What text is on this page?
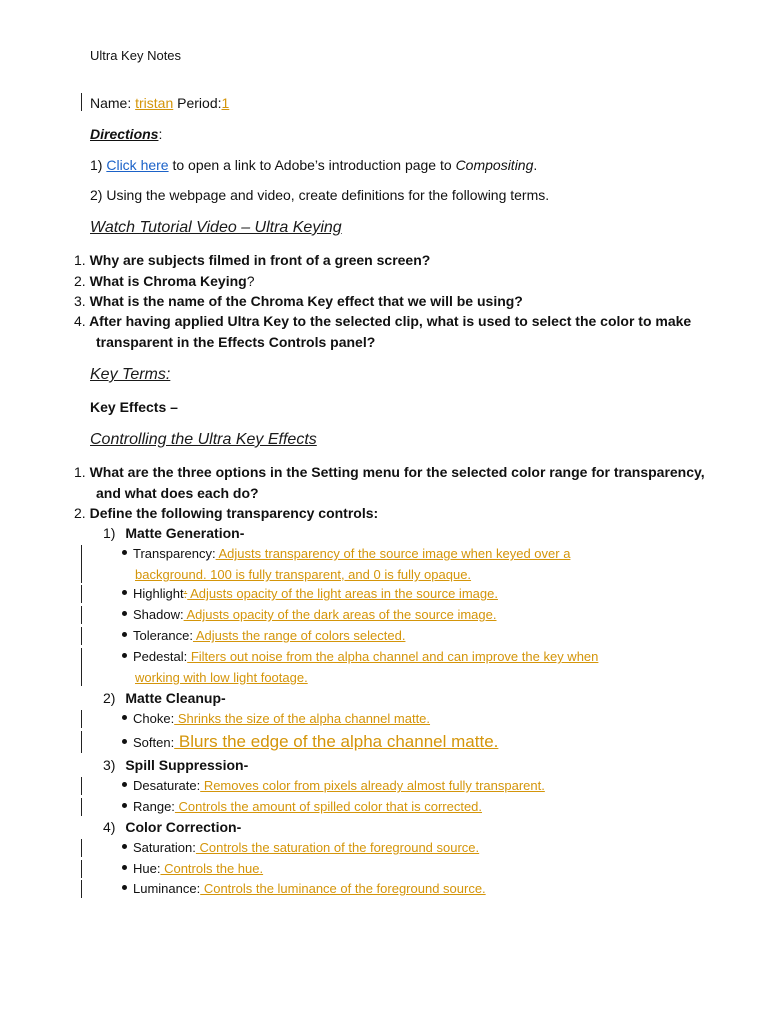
Ultra Key Notes
Name: tristan Period:1
Directions:
1) Click here to open a link to Adobe’s introduction page to Compositing.
2) Using the webpage and video, create definitions for the following terms.
Watch Tutorial Video – Ultra Keying
1. Why are subjects filmed in front of a green screen?
2. What is Chroma Keying?
3. What is the name of the Chroma Key effect that we will be using?
4. After having applied Ultra Key to the selected clip, what is used to select the color to make
transparent in the Effects Controls panel?
Key Terms:
Key Effects –
Controlling the Ultra Key Effects
1. What are the three options in the Setting menu for the selected color range for transparency,
and what does each do?
2. Define the following transparency controls:
1) Matte Generation-
Transparency: Adjusts transparency of the source image when keyed over a
background. 100 is fully transparent, and 0 is fully opaque.
Highlight: Adjusts opacity of the light areas in the source image.
Shadow: Adjusts opacity of the dark areas of the source image.
Tolerance: Adjusts the range of colors selected.
Pedestal: Filters out noise from the alpha channel and can improve the key when
working with low light footage.
2) Matte Cleanup-
Choke: Shrinks the size of the alpha channel matte.
Soften: Blurs the edge of the alpha channel matte.
3) Spill Suppression-
Desaturate: Removes color from pixels already almost fully transparent.
Range: Controls the amount of spilled color that is corrected.
4) Color Correction-
Saturation: Controls the saturation of the foreground source.
Hue: Controls the hue.
Luminance: Controls the luminance of the foreground source.
